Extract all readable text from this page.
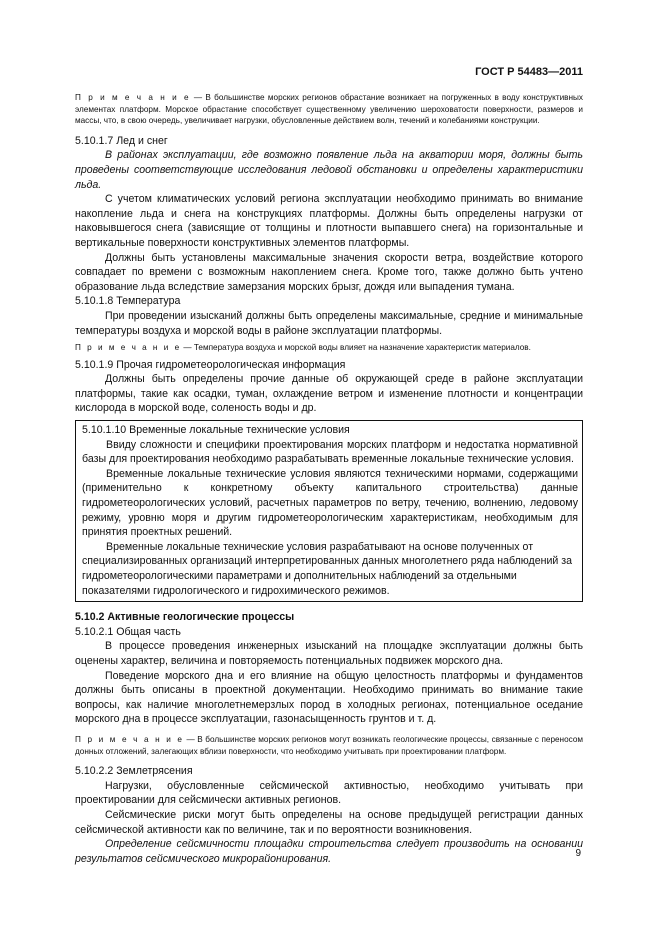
ГОСТ Р 54483—2011

П р и м е ч а н и е — В большинстве морских регионов обрастание возникает на погруженных в воду конструктивных элементах платформ. Морское обрастание способствует существенному увеличению шероховатости поверхности, размеров и массы, что, в свою очередь, увеличивает нагрузки, обусловленные действием волн, течений и колебаниями конструкции.

5.10.1.7 Лед и снег

В районах эксплуатации, где возможно появление льда на акватории моря, должны быть проведены соответствующие исследования ледовой обстановки и определены характеристики льда.

С учетом климатических условий региона эксплуатации необходимо принимать во внимание накопление льда и снега на конструкциях платформы. Должны быть определены нагрузки от наковывшегося снега (зависящие от толщины и плотности выпавшего снега) на горизонтальные и вертикальные поверхности конструктивных элементов платформы.

Должны быть установлены максимальные значения скорости ветра, воздействие которого совпадает по времени с возможным накоплением снега. Кроме того, также должно быть учтено образование льда вследствие замерзания морских брызг, дождя или выпадения тумана.

5.10.1.8 Температура

При проведении изысканий должны быть определены максимальные, средние и минимальные температуры воздуха и морской воды в районе эксплуатации платформы.

П р и м е ч а н и е — Температура воздуха и морской воды влияет на назначение характеристик материалов.

5.10.1.9 Прочая гидрометеорологическая информация

Должны быть определены прочие данные об окружающей среде в районе эксплуатации платформы, такие как осадки, туман, охлаждение ветром и изменение плотности и концентрации кислорода в морской воде, соленость воды и др.

5.10.1.10 Временные локальные технические условия

Ввиду сложности и специфики проектирования морских платформ и недостатка нормативной базы для проектирования необходимо разрабатывать временные локальные технические условия.

Временные локальные технические условия являются техническими нормами, содержащими (применительно к конкретному объекту капитального строительства) данные гидрометеорологических условий, расчетных параметров по ветру, течению, волнению, ледовому режиму, уровню моря и другим гидрометеорологическим характеристикам, необходимым для принятия проектных решений.

Временные локальные технические условия разрабатывают на основе полученных от специализированных организаций интерпретированных данных многолетнего ряда наблюдений за гидрометеорологическими параметрами и дополнительных наблюдений за отдельными показателями гидрологического и гидрохимического режимов.

5.10.2 Активные геологические процессы

5.10.2.1 Общая часть

В процессе проведения инженерных изысканий на площадке эксплуатации должны быть оценены характер, величина и повторяемость потенциальных подвижек морского дна.

Поведение морского дна и его влияние на общую целостность платформы и фундаментов должны быть описаны в проектной документации. Необходимо принимать во внимание такие вопросы, как наличие многолетнемерзлых пород в холодных регионах, потенциальное оседание морского дна в процессе эксплуатации, газонасыщенность грунтов и т. д.

П р и м е ч а н и е — В большинстве морских регионов могут возникать геологические процессы, связанные с переносом донных отложений, залегающих вблизи поверхности, что необходимо учитывать при проектировании платформ.

5.10.2.2 Землетрясения

Нагрузки, обусловленные сейсмической активностью, необходимо учитывать при проектировании для сейсмически активных регионов.

Сейсмические риски могут быть определены на основе предыдущей регистрации данных сейсмической активности как по величине, так и по вероятности возникновения.

Определение сейсмичности площадки строительства следует производить на основании результатов сейсмического микрорайонирования.	9
